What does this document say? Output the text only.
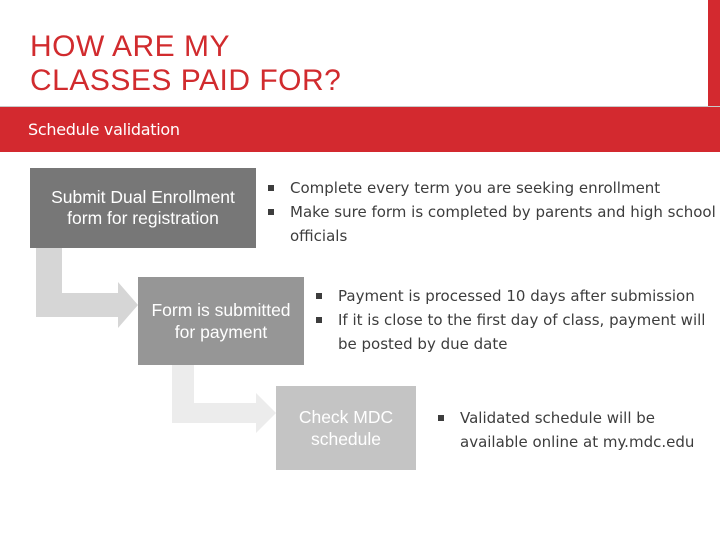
HOW ARE MY
CLASSES PAID FOR?
Schedule validation
Submit Dual Enrollment form for registration
Form is submitted for payment
Check MDC schedule
Complete every term you are seeking enrollment
Make sure form is completed by parents and high school officials
Payment is processed 10 days after submission
If it is close to the first day of class, payment will be posted by due date
Validated schedule will be available online at my.mdc.edu
